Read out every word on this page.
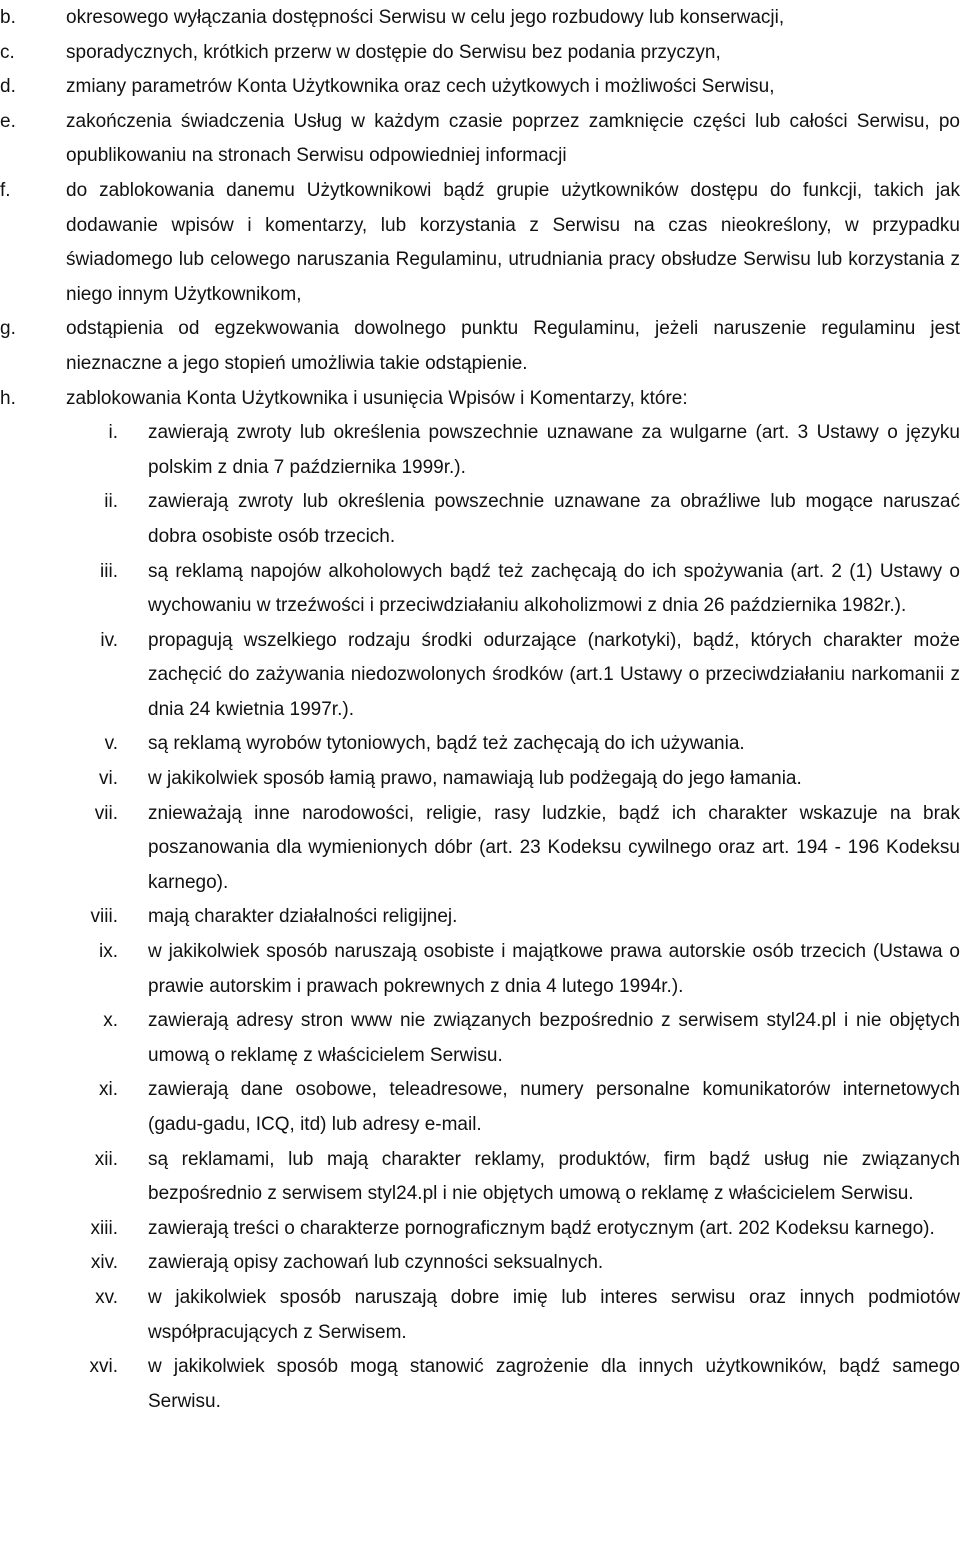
b.	okresowego wyłączania dostępności Serwisu w celu jego rozbudowy lub konserwacji,
c.	sporadycznych, krótkich przerw w dostępie do Serwisu bez podania przyczyn,
d.	zmiany parametrów Konta Użytkownika oraz cech użytkowych i możliwości Serwisu,
e.	zakończenia świadczenia Usług w każdym czasie poprzez zamknięcie części lub całości Serwisu, po opublikowaniu na stronach Serwisu odpowiedniej informacji
f.	do zablokowania danemu Użytkownikowi bądź grupie użytkowników dostępu do funkcji, takich jak dodawanie wpisów i komentarzy, lub korzystania z Serwisu na czas nieokreślony, w przypadku świadomego lub celowego naruszania Regulaminu, utrudniania pracy obsłudze Serwisu lub korzystania z niego innym Użytkownikom,
g.	odstąpienia od egzekwowania dowolnego punktu Regulaminu, jeżeli naruszenie regulaminu jest nieznaczne a jego stopień umożliwia takie odstąpienie.
h.	zablokowania Konta Użytkownika i usunięcia Wpisów i Komentarzy, które:
i.	zawierają zwroty lub określenia powszechnie uznawane za wulgarne (art. 3 Ustawy o języku polskim z dnia 7 października 1999r.).
ii.	zawierają zwroty lub określenia powszechnie uznawane za obraźliwe lub mogące naruszać dobra osobiste osób trzecich.
iii.	są reklamą napojów alkoholowych bądź też zachęcają do ich spożywania (art. 2 (1) Ustawy o wychowaniu w trzeźwości i przeciwdziałaniu alkoholizmowi z dnia 26 października 1982r.).
iv.	propagują wszelkiego rodzaju środki odurzające (narkotyki), bądź, których charakter może zachęcić do zażywania niedozwolonych środków (art.1 Ustawy o przeciwdziałaniu narkomanii z dnia 24 kwietnia 1997r.).
v.	są reklamą wyrobów tytoniowych, bądź też zachęcają do ich używania.
vi.	w jakikolwiek sposób łamią prawo, namawiają lub podżegają do jego łamania.
vii.	znieważają inne narodowości, religie, rasy ludzkie, bądź ich charakter wskazuje na brak poszanowania dla wymienionych dóbr (art. 23 Kodeksu cywilnego oraz art. 194 - 196 Kodeksu karnego).
viii.	mają charakter działalności religijnej.
ix.	w jakikolwiek sposób naruszają osobiste i majątkowe prawa autorskie osób trzecich (Ustawa o prawie autorskim i prawach pokrewnych z dnia 4 lutego 1994r.).
x.	zawierają adresy stron www nie związanych bezpośrednio z serwisem styl24.pl i nie objętych umową o reklamę z właścicielem Serwisu.
xi.	zawierają dane osobowe, teleadresowe, numery personalne komunikatorów internetowych (gadu-gadu, ICQ, itd) lub adresy e-mail.
xii.	są reklamami, lub mają charakter reklamy, produktów, firm bądź usług nie związanych bezpośrednio z serwisem styl24.pl i nie objętych umową o reklamę z właścicielem Serwisu.
xiii.	zawierają treści o charakterze pornograficznym bądź erotycznym (art. 202 Kodeksu karnego).
xiv.	zawierają opisy zachowań lub czynności seksualnych.
xv.	w jakikolwiek sposób naruszają dobre imię lub interes serwisu oraz innych podmiotów współpracujących z Serwisem.
xvi.	w jakikolwiek sposób mogą stanowić zagrożenie dla innych użytkowników, bądź samego Serwisu.
